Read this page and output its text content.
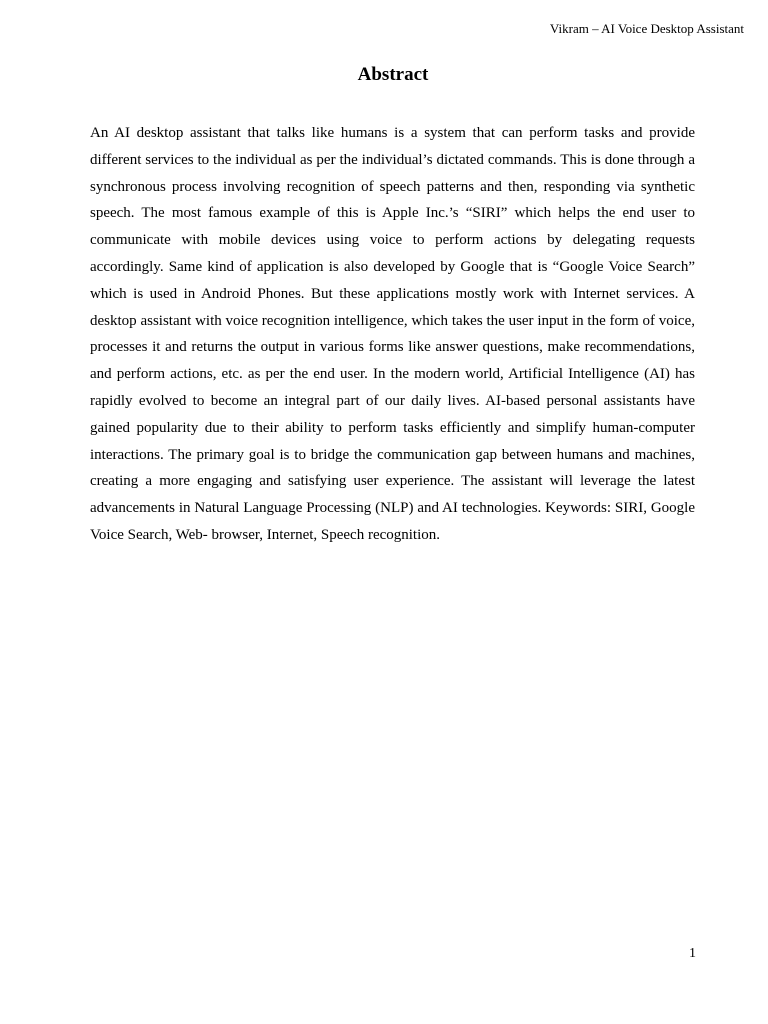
Vikram – AI Voice Desktop Assistant
Abstract

An AI desktop assistant that talks like humans is a system that can perform tasks and provide different services to the individual as per the individual’s dictated commands. This is done through a synchronous process involving recognition of speech patterns and then, responding via synthetic speech. The most famous example of this is Apple Inc.’s “SIRI” which helps the end user to communicate with mobile devices using voice to perform actions by delegating requests accordingly. Same kind of application is also developed by Google that is “Google Voice Search” which is used in Android Phones. But these applications mostly work with Internet services. A desktop assistant with voice recognition intelligence, which takes the user input in the form of voice, processes it and returns the output in various forms like answer questions, make recommendations, and perform actions, etc. as per the end user. In the modern world, Artificial Intelligence (AI) has rapidly evolved to become an integral part of our daily lives. AI-based personal assistants have gained popularity due to their ability to perform tasks efficiently and simplify human-computer interactions. The primary goal is to bridge the communication gap between humans and machines, creating a more engaging and satisfying user experience. The assistant will leverage the latest advancements in Natural Language Processing (NLP) and AI technologies. Keywords: SIRI, Google Voice Search, Web- browser, Internet, Speech recognition.

1
